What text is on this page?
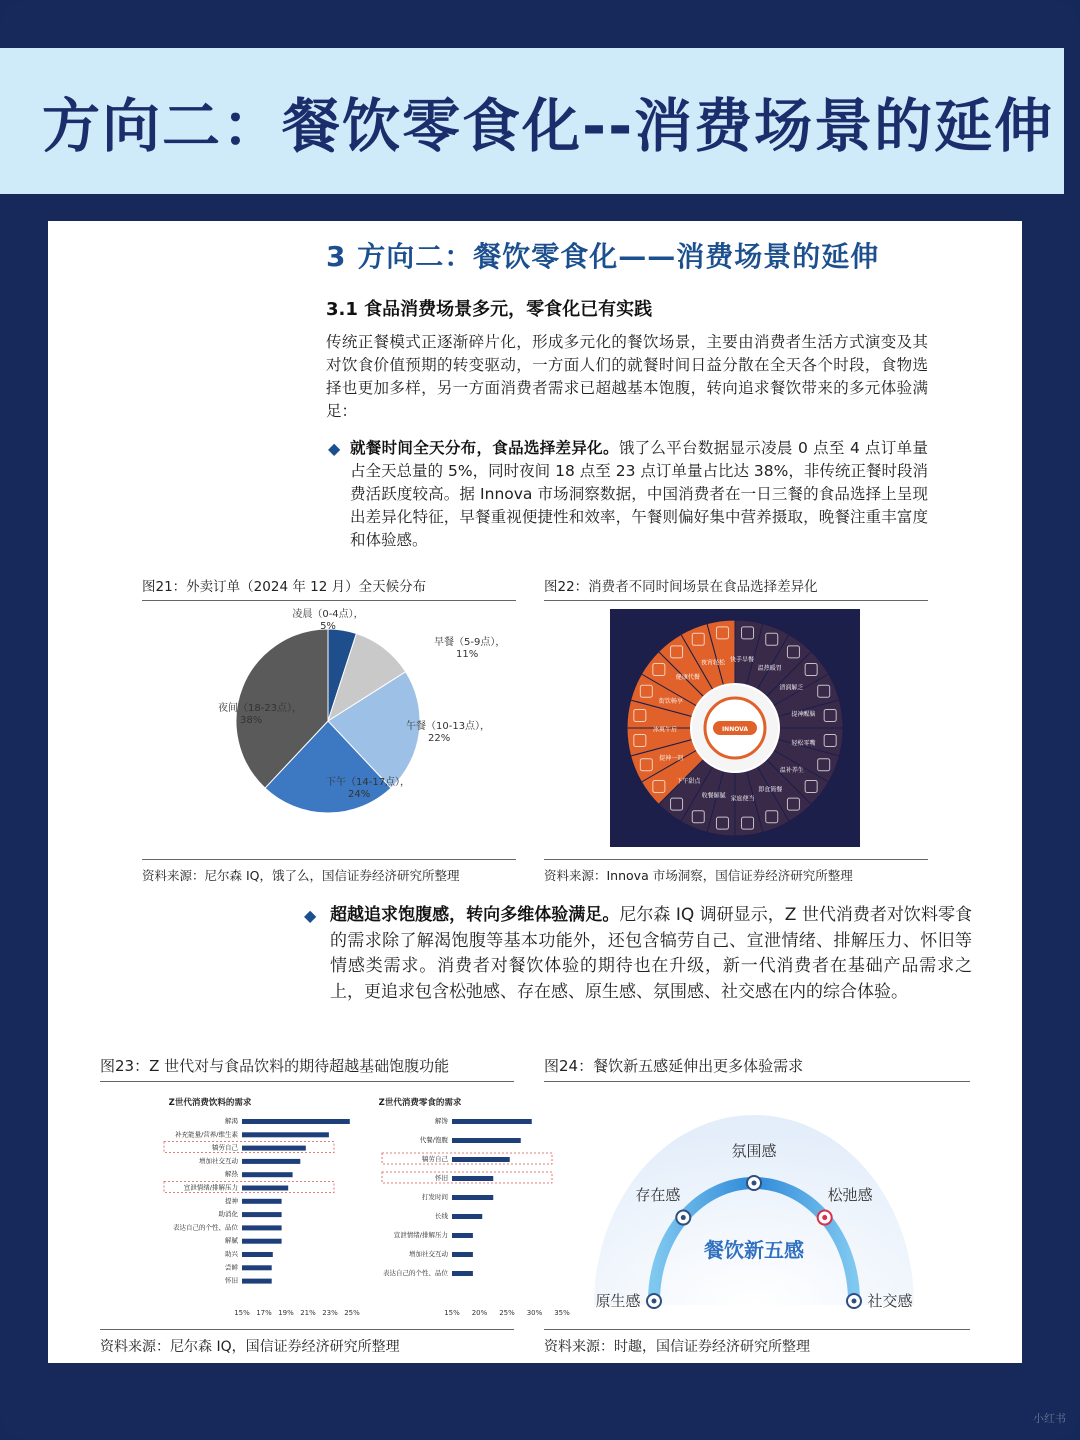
方向二：餐饮零食化--消费场景的延伸
3 方向二：餐饮零食化——消费场景的延伸
3.1 食品消费场景多元，零食化已有实践
传统正餐模式正逐渐碎片化，形成多元化的餐饮场景，主要由消费者生活方式演变及其对饮食价值预期的转变驱动，一方面人们的就餐时间日益分散在全天各个时段，食物选择也更加多样，另一方面消费者需求已超越基本饱腹，转向追求餐饮带来的多元体验满足：
◆ 就餐时间全天分布，食品选择差异化。饿了么平台数据显示凌晨 0 点至 4 点订单量占全天总量的 5%，同时夜间 18 点至 23 点订单量占比达 38%，非传统正餐时段消费活跃度较高。据 Innova 市场洞察数据，中国消费者在一日三餐的食品选择上呈现出差异化特征，早餐重视便捷性和效率，午餐则偏好集中营养摄取，晚餐注重丰富度和体验感。
图21：外卖订单（2024 年 12 月）全天候分布
凌晨（0-4点），
5%
早餐（5-9点），
11%
午餐（10-13点），
22%
下午（14-17点），
24%
夜间（18-23点），
38%
资料来源：尼尔森 IQ，饿了么，国信证券经济研究所整理
图22：消费者不同时间场景在食品选择差异化
快手早餐
温热暖胃
清润解乏
提神醒脑
轻松零嘴
温补养生
即食简餐
家庭便当
收餐解腻
下午甜点
提神一刻
冰爽午后
街饮畅享
健康代餐
夜宵轻松
INNOVA
资料来源：Innova 市场洞察，国信证券经济研究所整理
◆ 超越追求饱腹感，转向多维体验满足。尼尔森 IQ 调研显示，Z 世代消费者对饮料零食的需求除了解渴饱腹等基本功能外，还包含犒劳自己、宣泄情绪、排解压力、怀旧等情感类需求。消费者对餐饮体验的期待也在升级，新一代消费者在基础产品需求之上，更追求包含松弛感、存在感、原生感、氛围感、社交感在内的综合体验。
图23：Z 世代对与食品饮料的期待超越基础饱腹功能
Z世代消费饮料的需求
解渴
补充能量/营养/维生素
犒劳自己
增加社交互动
解热
宣泄情绪/排解压力
提神
助消化
表达自己的个性、品位
解腻
助兴
尝鲜
怀旧
15% 17% 19% 21% 23% 25%
Z世代消费零食的需求
解馋
代餐/饱腹
犒劳自己
怀旧
打发时间
长线
宣泄情绪/排解压力
增加社交互动
表达自己的个性、品位
15% 20% 25% 30% 35%
资料来源：尼尔森 IQ，国信证券经济研究所整理
图24：餐饮新五感延伸出更多体验需求
餐饮新五感
原生感
存在感
氛围感
松弛感
社交感
资料来源：时趣，国信证券经济研究所整理
小红书
